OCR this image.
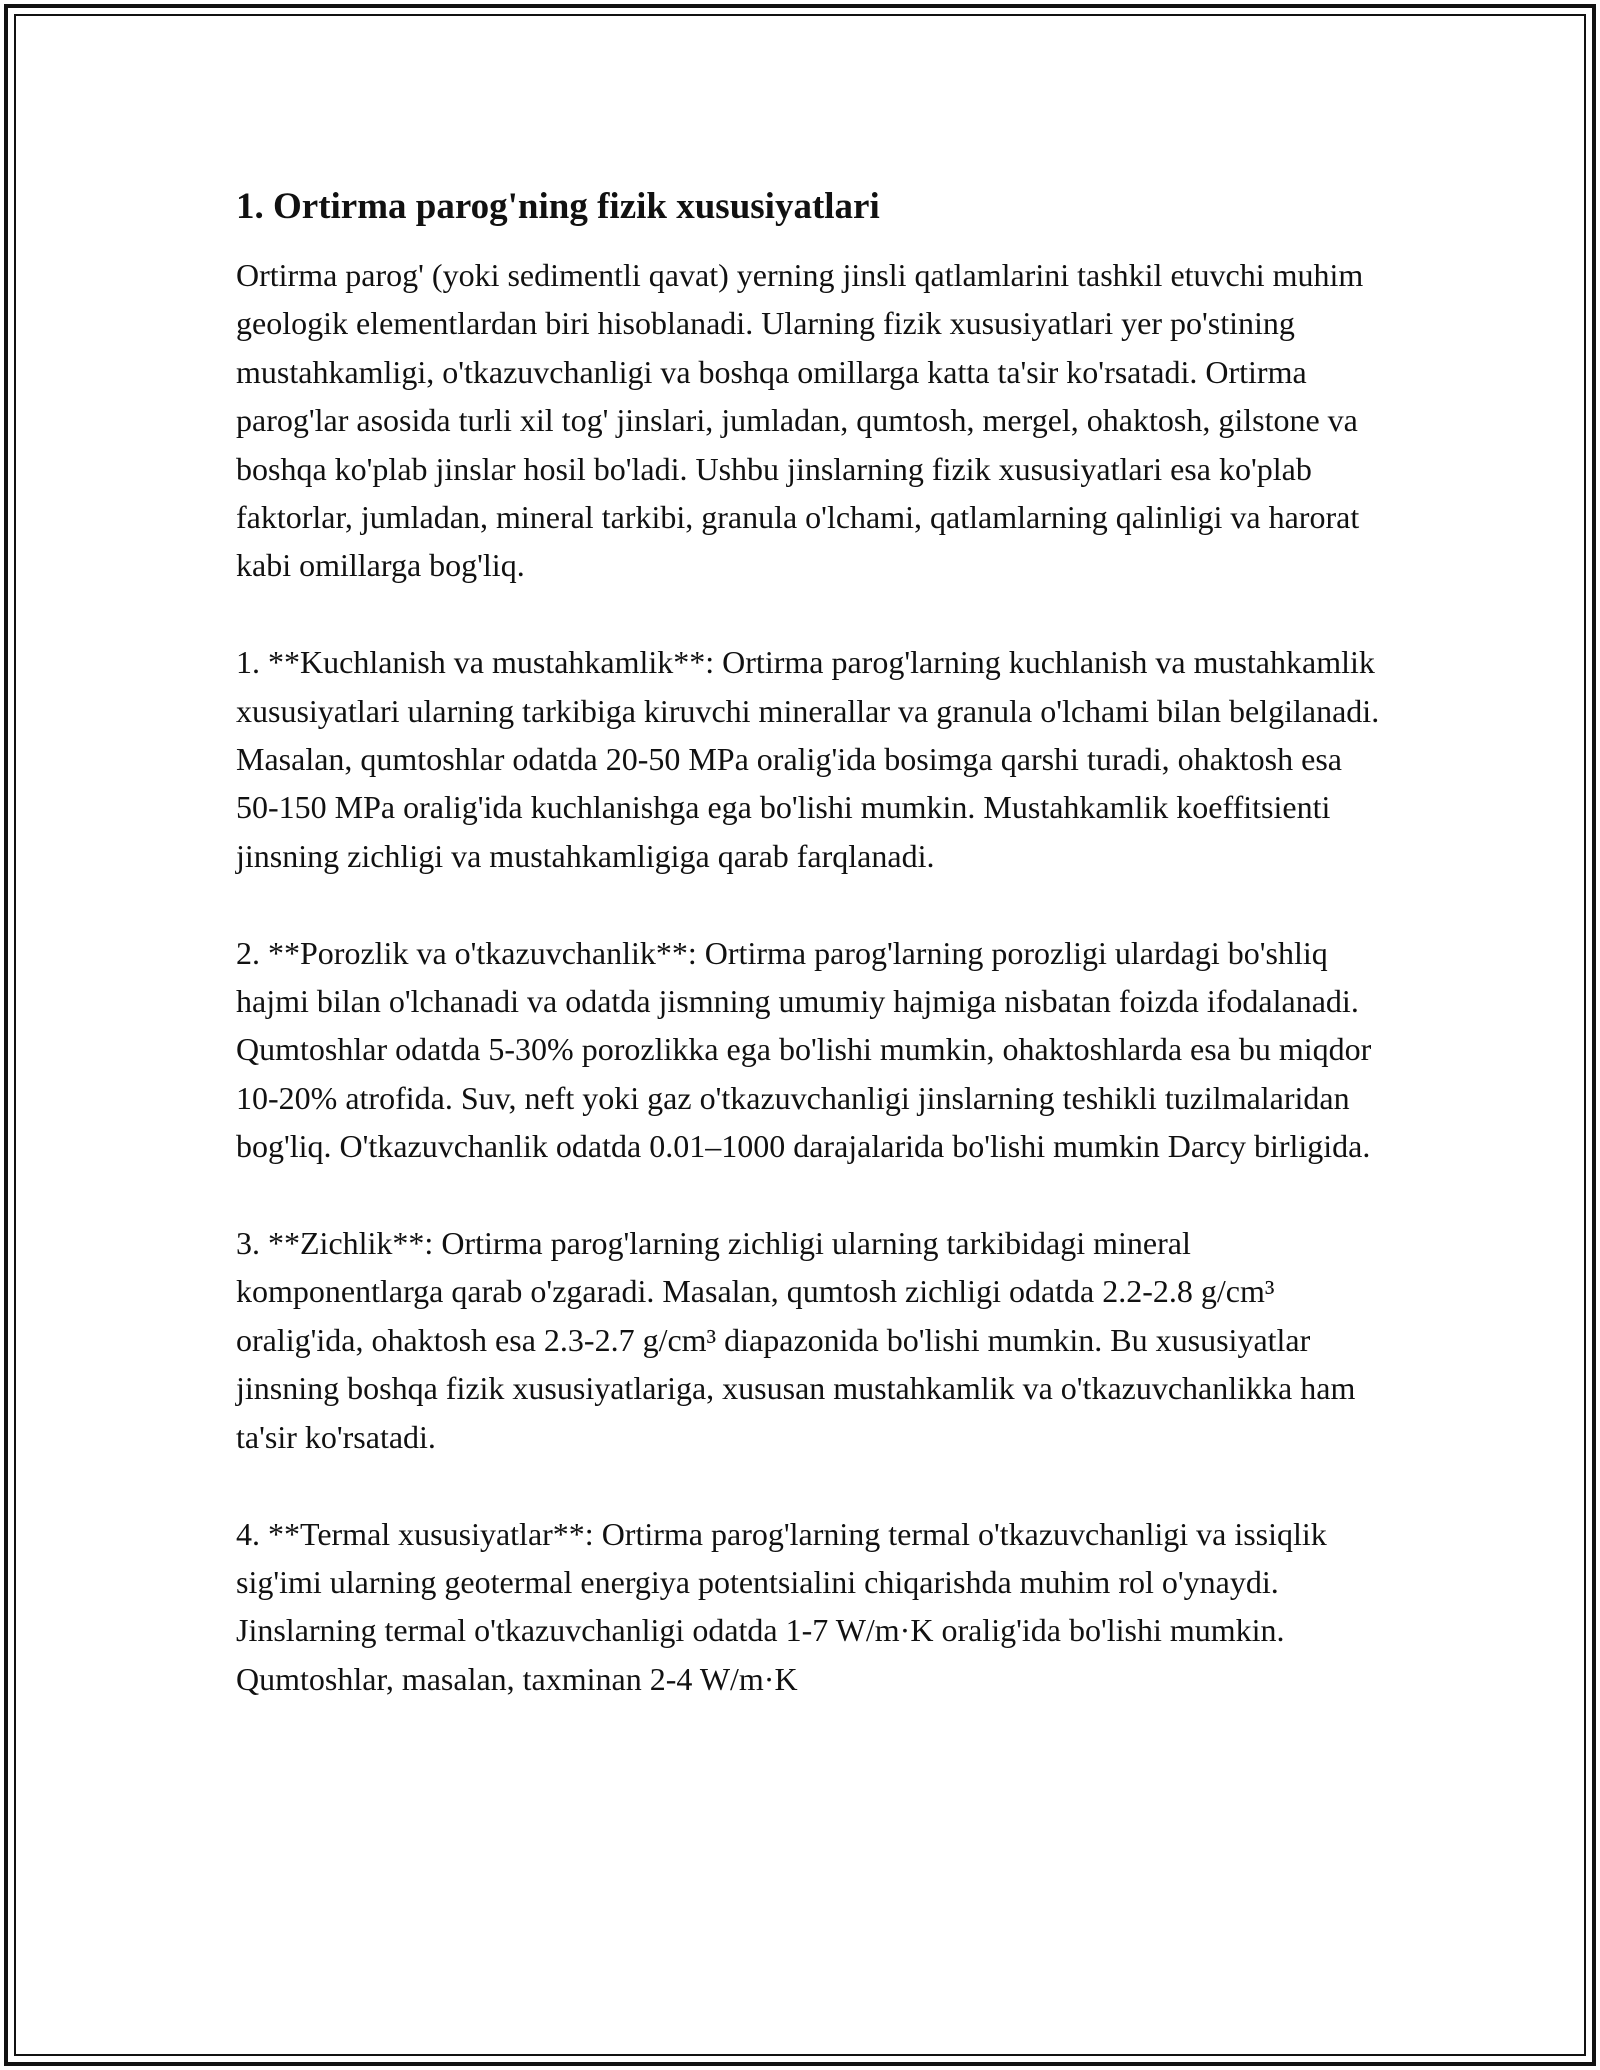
1. Ortirma parog'ning fizik xususiyatlari

Ortirma parog' (yoki sedimentli qavat) yerning jinsli qatlamlarini tashkil etuvchi muhim geologik elementlardan biri hisoblanadi. Ularning fizik xususiyatlari yer po'stining mustahkamligi, o'tkazuvchanligi va boshqa omillarga katta ta'sir ko'rsatadi. Ortirma parog'lar asosida turli xil tog' jinslari, jumladan, qumtosh, mergel, ohaktosh, gilstone va boshqa ko'plab jinslar hosil bo'ladi. Ushbu jinslarning fizik xususiyatlari esa ko'plab faktorlar, jumladan, mineral tarkibi, granula o'lchami, qatlamlarning qalinligi va harorat kabi omillarga bog'liq.

1. **Kuchlanish va mustahkamlik**: Ortirma parog'larning kuchlanish va mustahkamlik xususiyatlari ularning tarkibiga kiruvchi minerallar va granula o'lchami bilan belgilanadi. Masalan, qumtoshlar odatda 20-50 MPa oralig'ida bosimga qarshi turadi, ohaktosh esa 50-150 MPa oralig'ida kuchlanishga ega bo'lishi mumkin. Mustahkamlik koeffitsienti jinsning zichligi va mustahkamligiga qarab farqlanadi.

2. **Porozlik va o'tkazuvchanlik**: Ortirma parog'larning porozligi ulardagi bo'shliq hajmi bilan o'lchanadi va odatda jismning umumiy hajmiga nisbatan foizda ifodalanadi. Qumtoshlar odatda 5-30% porozlikka ega bo'lishi mumkin, ohaktoshlarda esa bu miqdor 10-20% atrofida. Suv, neft yoki gaz o'tkazuvchanligi jinslarning teshikli tuzilmalaridan bog'liq. O'tkazuvchanlik odatda 0.01–1000 darajalarida bo'lishi mumkin Darcy birligida.

3. **Zichlik**: Ortirma parog'larning zichligi ularning tarkibidagi mineral komponentlarga qarab o'zgaradi. Masalan, qumtosh zichligi odatda 2.2-2.8 g/cm³ oralig'ida, ohaktosh esa 2.3-2.7 g/cm³ diapazonida bo'lishi mumkin. Bu xususiyatlar jinsning boshqa fizik xususiyatlariga, xususan mustahkamlik va o'tkazuvchanlikka ham ta'sir ko'rsatadi.

4. **Termal xususiyatlar**: Ortirma parog'larning termal o'tkazuvchanligi va issiqlik sig'imi ularning geotermal energiya potentsialini chiqarishda muhim rol o'ynaydi. Jinslarning termal o'tkazuvchanligi odatda 1-7 W/m·K oralig'ida bo'lishi mumkin. Qumtoshlar, masalan, taxminan 2-4 W/m·K
